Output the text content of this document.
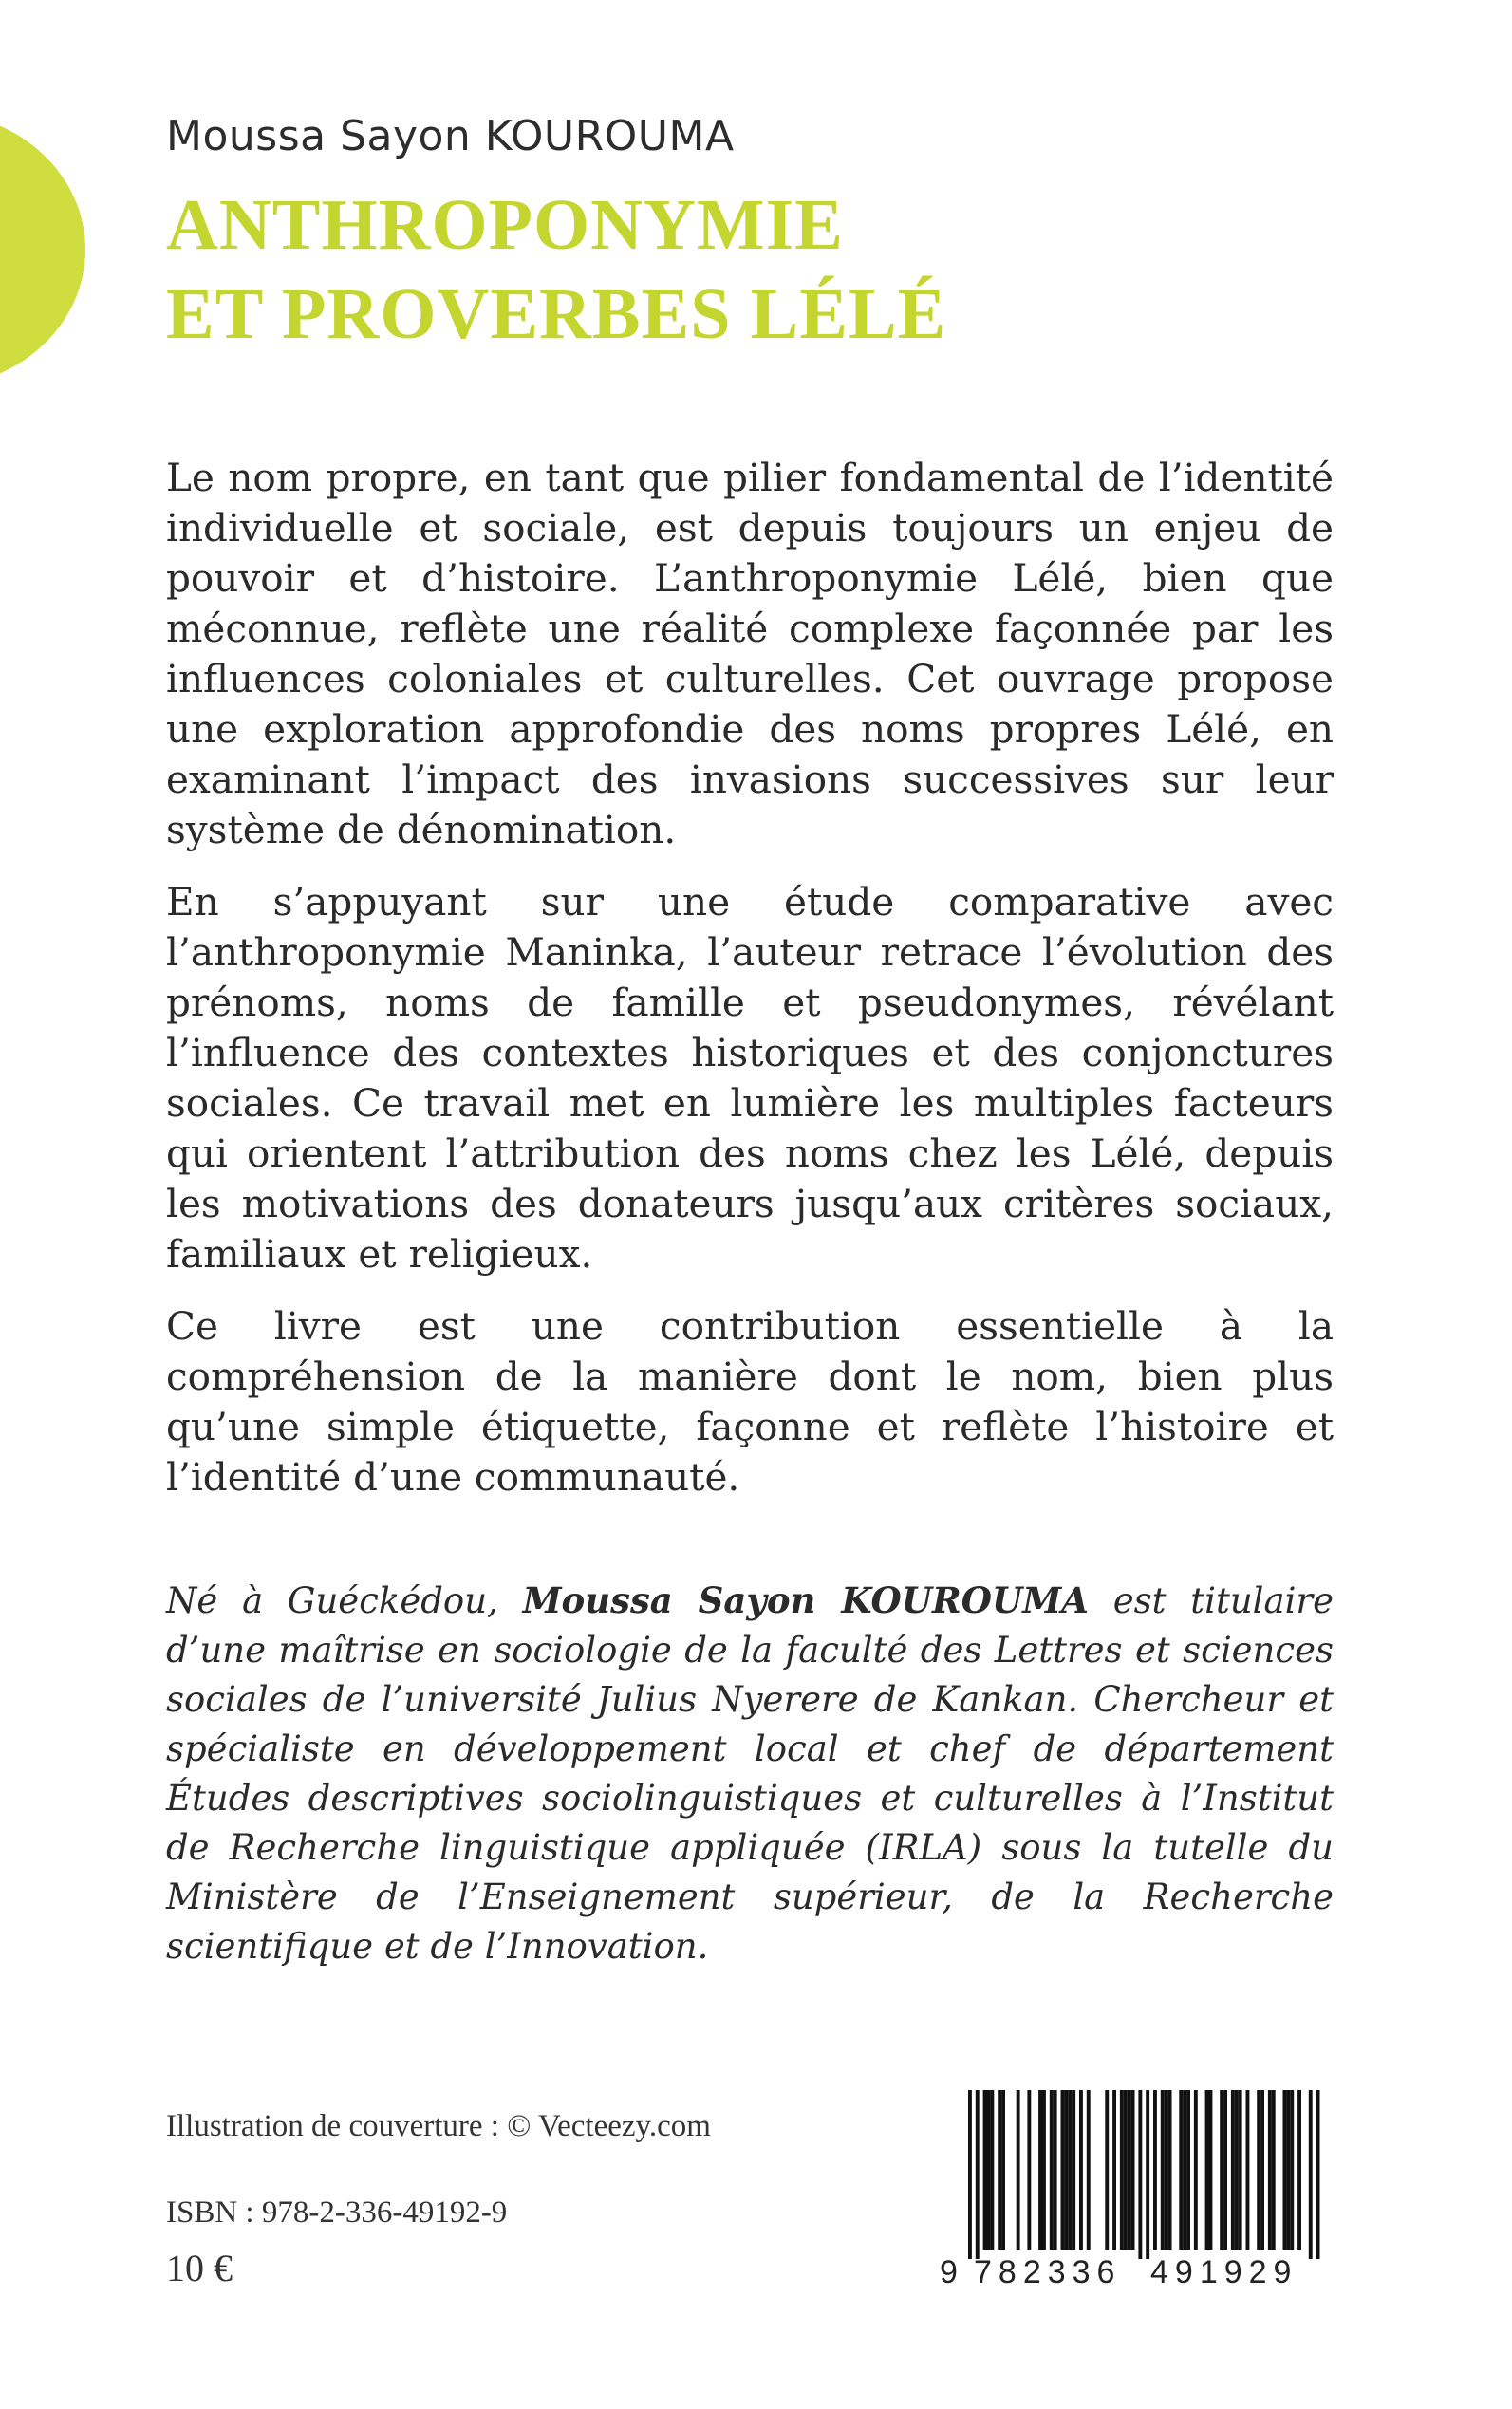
Moussa Sayon KOUROUMA
ANTHROPONYMIE
ET PROVERBES LÉLÉ

Le nom propre, en tant que pilier fondamental de l’identité individuelle et sociale, est depuis toujours un enjeu de pouvoir et d’histoire. L’anthroponymie Lélé, bien que méconnue, reflète une réalité complexe façonnée par les influences coloniales et culturelles. Cet ouvrage propose une exploration approfondie des noms propres Lélé, en examinant l’impact des invasions successives sur leur système de dénomination.

En s’appuyant sur une étude comparative avec l’anthroponymie Maninka, l’auteur retrace l’évolution des prénoms, noms de famille et pseudonymes, révélant l’influence des contextes historiques et des conjonctures sociales. Ce travail met en lumière les multiples facteurs qui orientent l’attribution des noms chez les Lélé, depuis les motivations des donateurs jusqu’aux critères sociaux, familiaux et religieux.

Ce livre est une contribution essentielle à la compréhension de la manière dont le nom, bien plus qu’une simple étiquette, façonne et reflète l’histoire et l’identité d’une communauté.

Né à Guéckédou, Moussa Sayon KOUROUMA est titulaire d’une maîtrise en sociologie de la faculté des Lettres et sciences sociales de l’université Julius Nyerere de Kankan. Chercheur et spécialiste en développement local et chef de département Études descriptives sociolinguistiques et culturelles à l’Institut de Recherche linguistique appliquée (IRLA) sous la tutelle du Ministère de l’Enseignement supérieur, de la Recherche scientifique et de l’Innovation.

Illustration de couverture : © Vecteezy.com
ISBN : 978-2-336-49192-9
10 €	9 782336 491929
